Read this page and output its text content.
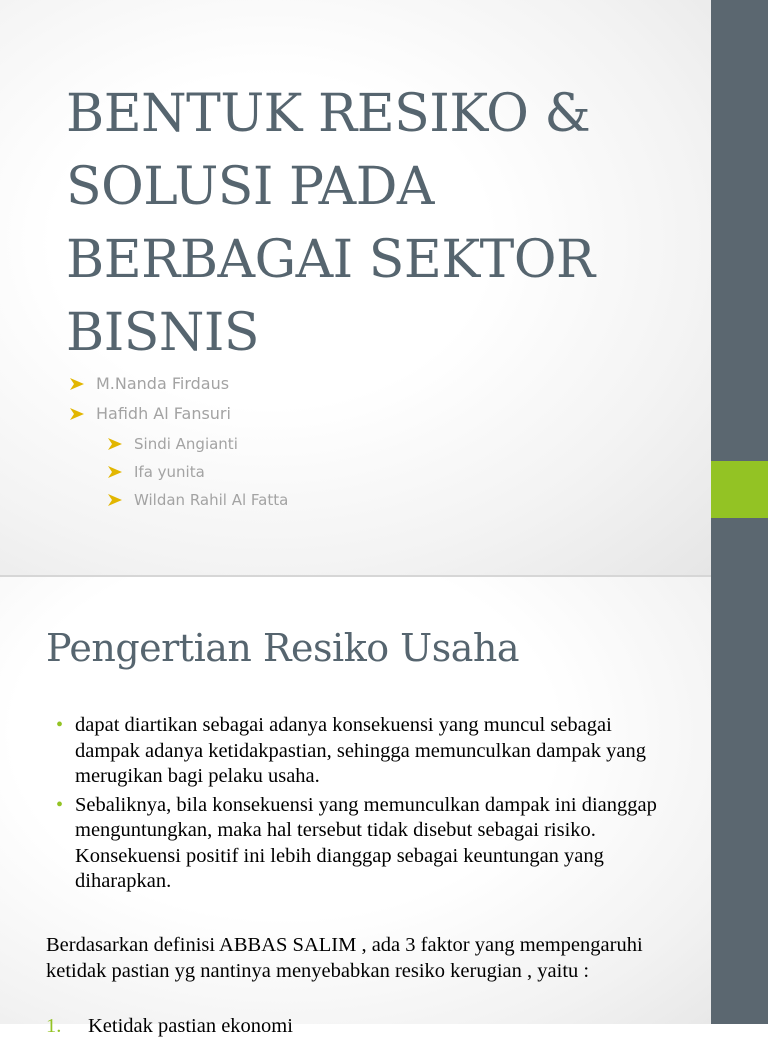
BENTUK RESIKO &
SOLUSI PADA
BERBAGAI SEKTOR
BISNIS
M.Nanda Firdaus
Hafidh Al Fansuri
Sindi Angianti
Ifa yunita
Wildan Rahil Al Fatta
Pengertian Resiko Usaha
• dapat diartikan sebagai adanya konsekuensi yang muncul sebagai dampak adanya ketidakpastian, sehingga memunculkan dampak yang merugikan bagi pelaku usaha.
• Sebaliknya, bila konsekuensi yang memunculkan dampak ini dianggap menguntungkan, maka hal tersebut tidak disebut sebagai risiko. Konsekuensi positif ini lebih dianggap sebagai keuntungan yang diharapkan.

Berdasarkan definisi ABBAS SALIM , ada 3 faktor yang mempengaruhi ketidak pastian yg nantinya menyebabkan resiko kerugian , yaitu :

1. Ketidak pastian ekonomi
